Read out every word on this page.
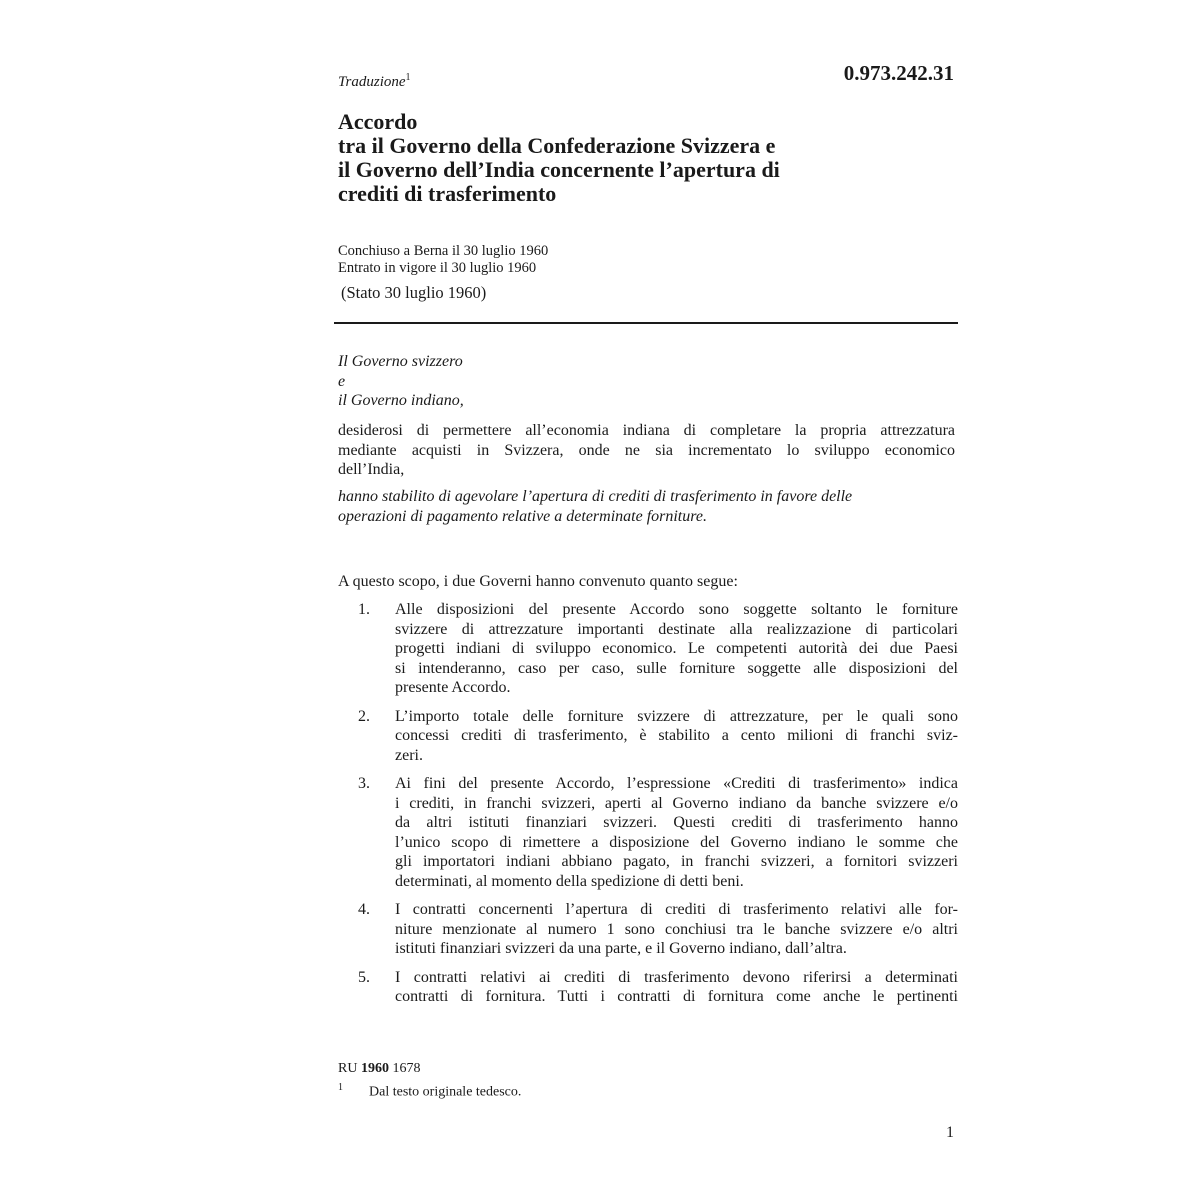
Traduzione$^1$	0.973.242.31
Accordo
tra il Governo della Confederazione Svizzera e
il Governo dell’India concernente l’apertura di
crediti di trasferimento
Conchiuso a Berna il 30 luglio 1960
Entrato in vigore il 30 luglio 1960
(Stato 30 luglio 1960)
Il Governo svizzero
e
il Governo indiano,
desiderosi di permettere all’economia indiana di completare la propria attrezzatura
mediante acquisti in Svizzera, onde ne sia incrementato lo sviluppo economico
dell’India,
hanno stabilito di agevolare l’apertura di crediti di trasferimento in favore delle
operazioni di pagamento relative a determinate forniture.
A questo scopo, i due Governi hanno convenuto quanto segue:
1. Alle disposizioni del presente Accordo sono soggette soltanto le forniture
svizzere di attrezzature importanti destinate alla realizzazione di particolari
progetti indiani di sviluppo economico. Le competenti autorità dei due Paesi
si intenderanno, caso per caso, sulle forniture soggette alle disposizioni del
presente Accordo.
2. L’importo totale delle forniture svizzere di attrezzature, per le quali sono
concessi crediti di trasferimento, è stabilito a cento milioni di franchi sviz-
zeri.
3. Ai fini del presente Accordo, l’espressione «Crediti di trasferimento» indica
i crediti, in franchi svizzeri, aperti al Governo indiano da banche svizzere e/o
da altri istituti finanziari svizzeri. Questi crediti di trasferimento hanno
l’unico scopo di rimettere a disposizione del Governo indiano le somme che
gli importatori indiani abbiano pagato, in franchi svizzeri, a fornitori svizzeri
determinati, al momento della spedizione di detti beni.
4. I contratti concernenti l’apertura di crediti di trasferimento relativi alle for-
niture menzionate al numero 1 sono conchiusi tra le banche svizzere e/o altri
istituti finanziari svizzeri da una parte, e il Governo indiano, dall’altra.
5. I contratti relativi ai crediti di trasferimento devono riferirsi a determinati
contratti di fornitura. Tutti i contratti di fornitura come anche le pertinenti
RU 1960 1678
$^1$ Dal testo originale tedesco.
1
